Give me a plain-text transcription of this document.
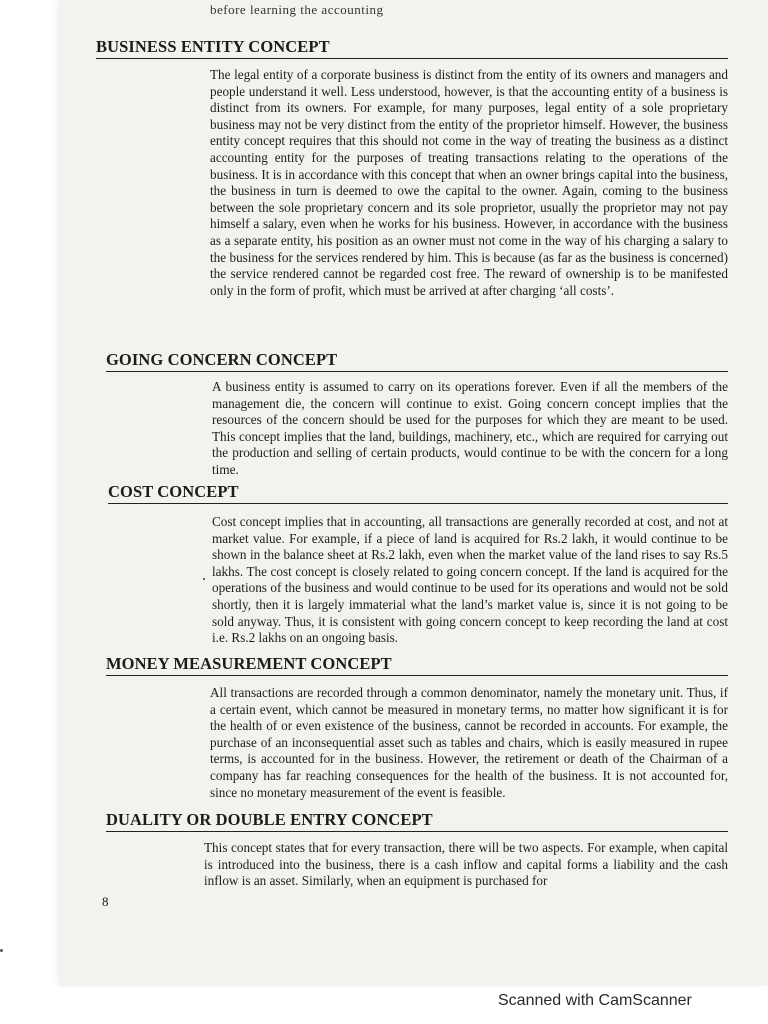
before learning the accounting
BUSINESS ENTITY CONCEPT

The legal entity of a corporate business is distinct from the entity of its owners and managers and people understand it well. Less understood, however, is that the accounting entity of a business is distinct from its owners. For example, for many purposes, legal entity of a sole proprietary business may not be very distinct from the entity of the proprietor himself. However, the business entity concept requires that this should not come in the way of treating the business as a distinct accounting entity for the purposes of treating transactions relating to the operations of the business. It is in accordance with this concept that when an owner brings capital into the business, the business in turn is deemed to owe the capital to the owner. Again, coming to the business between the sole proprietary concern and its sole proprietor, usually the proprietor may not pay himself a salary, even when he works for his business. However, in accordance with the business as a separate entity, his position as an owner must not come in the way of his charging a salary to the business for the services rendered by him. This is because (as far as the business is concerned) the service rendered cannot be regarded cost free. The reward of ownership is to be manifested only in the form of profit, which must be arrived at after charging ‘all costs’.

GOING CONCERN CONCEPT

A business entity is assumed to carry on its operations forever. Even if all the members of the management die, the concern will continue to exist. Going concern concept implies that the resources of the concern should be used for the purposes for which they are meant to be used. This concept implies that the land, buildings, machinery, etc., which are required for carrying out the production and selling of certain products, would continue to be with the concern for a long time.

COST CONCEPT

Cost concept implies that in accounting, all transactions are generally recorded at cost, and not at market value. For example, if a piece of land is acquired for Rs.2 lakh, it would continue to be shown in the balance sheet at Rs.2 lakh, even when the market value of the land rises to say Rs.5 lakhs. The cost concept is closely related to going concern concept. If the land is acquired for the operations of the business and would continue to be used for its operations and would not be sold shortly, then it is largely immaterial what the land’s market value is, since it is not going to be sold anyway. Thus, it is consistent with going concern concept to keep recording the land at cost i.e. Rs.2 lakhs on an ongoing basis.

MONEY MEASUREMENT CONCEPT

All transactions are recorded through a common denominator, namely the monetary unit. Thus, if a certain event, which cannot be measured in monetary terms, no matter how significant it is for the health of or even existence of the business, cannot be recorded in accounts. For example, the purchase of an inconsequential asset such as tables and chairs, which is easily measured in rupee terms, is accounted for in the business. However, the retirement or death of the Chairman of a company has far reaching consequences for the health of the business. It is not accounted for, since no monetary measurement of the event is feasible.

DUALITY OR DOUBLE ENTRY CONCEPT

This concept states that for every transaction, there will be two aspects. For example, when capital is introduced into the business, there is a cash inflow and capital forms a liability and the cash inflow is an asset. Similarly, when an equipment is purchased for

8
Scanned with CamScanner
